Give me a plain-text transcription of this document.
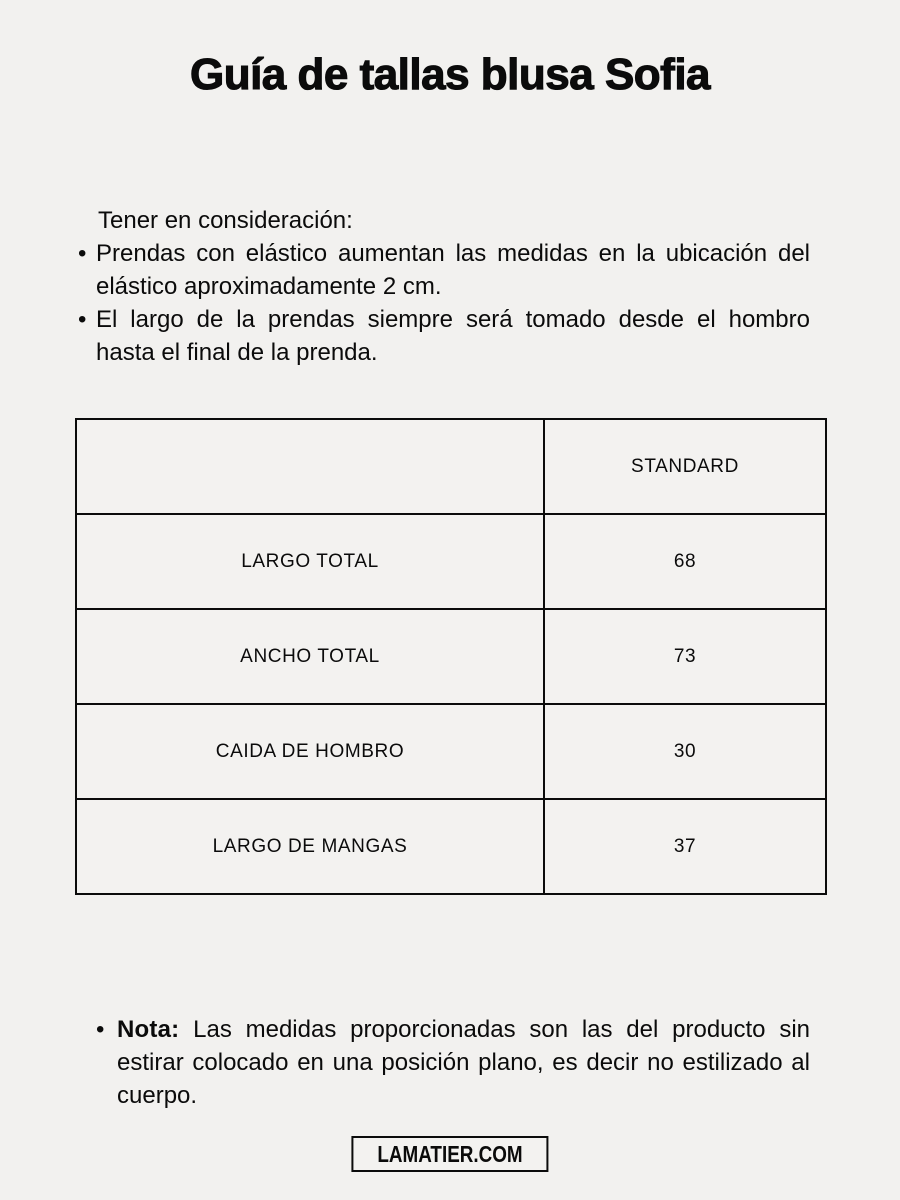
Guía de tallas blusa Sofia

Tener en consideración:

• Prendas con elástico aumentan las medidas en la ubicación del elástico aproximadamente 2 cm.

• El largo de la prendas siempre será tomado desde el hombro hasta el final de la prenda.

	STANDARD
LARGO TOTAL	68
ANCHO TOTAL	73
CAIDA DE HOMBRO	30
LARGO DE MANGAS	37
• Nota: Las medidas proporcionadas son las del producto sin estirar colocado en una posición plano, es decir no estilizado al cuerpo.

LAMATIER.COM
